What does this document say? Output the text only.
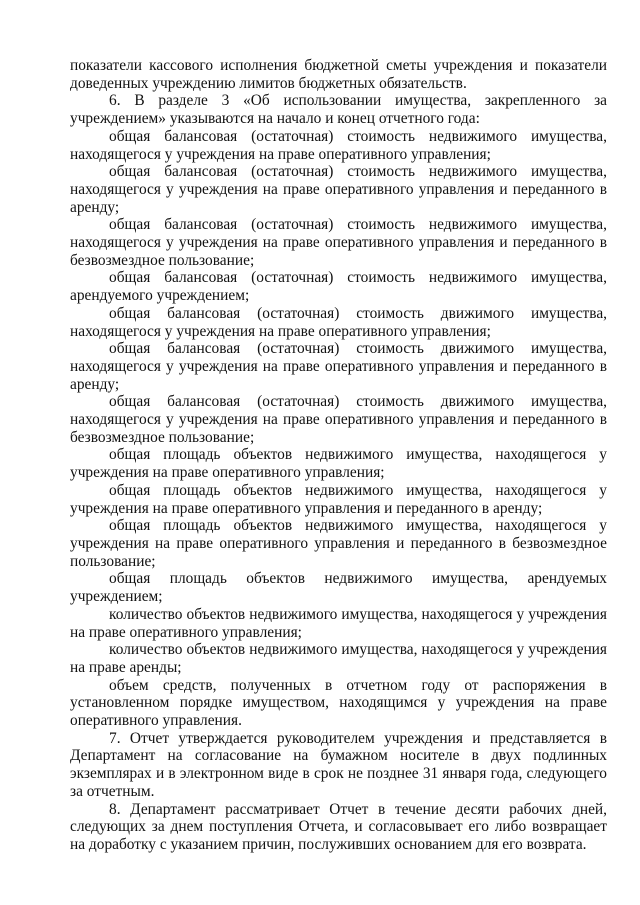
показатели кассового исполнения бюджетной сметы учреждения и показатели доведенных учреждению лимитов бюджетных обязательств.

6. В разделе 3 «Об использовании имущества, закрепленного за учреждением» указываются на начало и конец отчетного года:

общая балансовая (остаточная) стоимость недвижимого имущества, находящегося у учреждения на праве оперативного управления;

общая балансовая (остаточная) стоимость недвижимого имущества, находящегося у учреждения на праве оперативного управления и переданного в аренду;

общая балансовая (остаточная) стоимость недвижимого имущества, находящегося у учреждения на праве оперативного управления и переданного в безвозмездное пользование;

общая балансовая (остаточная) стоимость недвижимого имущества, арендуемого учреждением;

общая балансовая (остаточная) стоимость движимого имущества, находящегося у учреждения на праве оперативного управления;

общая балансовая (остаточная) стоимость движимого имущества, находящегося у учреждения на праве оперативного управления и переданного в аренду;

общая балансовая (остаточная) стоимость движимого имущества, находящегося у учреждения на праве оперативного управления и переданного в безвозмездное пользование;

общая площадь объектов недвижимого имущества, находящегося у учреждения на праве оперативного управления;

общая площадь объектов недвижимого имущества, находящегося у учреждения на праве оперативного управления и переданного в аренду;

общая площадь объектов недвижимого имущества, находящегося у учреждения на праве оперативного управления и переданного в безвозмездное пользование;

общая площадь объектов недвижимого имущества, арендуемых учреждением;

количество объектов недвижимого имущества, находящегося у учреждения на праве оперативного управления;

количество объектов недвижимого имущества, находящегося у учреждения на праве аренды;

объем средств, полученных в отчетном году от распоряжения в установленном порядке имуществом, находящимся у учреждения на праве оперативного управления.

7. Отчет утверждается руководителем учреждения и представляется в Департамент на согласование на бумажном носителе в двух подлинных экземплярах и в электронном виде в срок не позднее 31 января года, следующего за отчетным.

8. Департамент рассматривает Отчет в течение десяти рабочих дней, следующих за днем поступления Отчета, и согласовывает его либо возвращает на доработку с указанием причин, послуживших основанием для его возврата.
